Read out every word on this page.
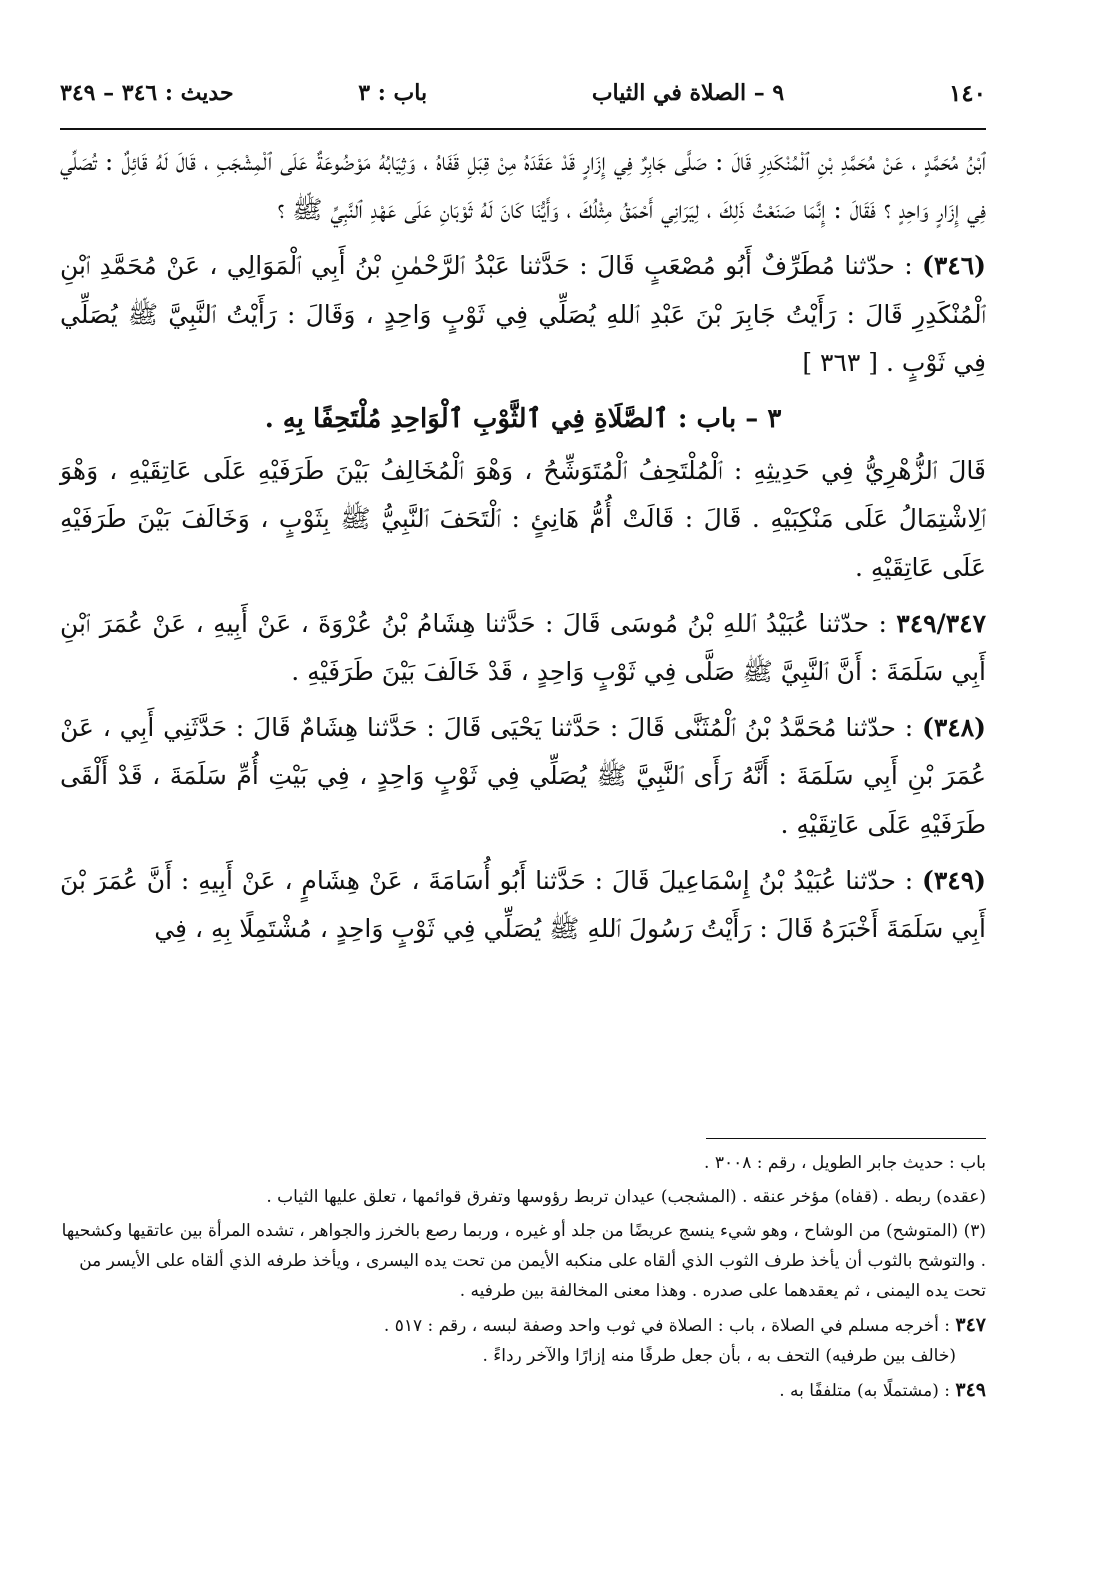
١٤٠
٩ – الصلاة في الثياب
باب : ٣
حديث : ٣٤٦ – ٣٤٩

ٱبْنُ مُحَمَّدٍ ، عَنْ مُحَمَّدِ بْنِ ٱلْمُنْكَدِرِ قَالَ : صَلَّى جَابِرٌ فِي إِزَارٍ قَدْ عَقَدَهُ مِنْ قِبَلِ قَفَاهُ ، وَثِيَابُهُ مَوْضُوعَةٌ عَلَى ٱلْمِشْجَبِ ، قَالَ لَهُ قَائِلٌ : تُصَلِّي فِي إِزَارٍ وَاحِدٍ ؟ فَقَالَ : إِنَّمَا صَنَعْتُ ذَلِكَ ، لِيَرَانِي أَحْمَقُ مِثْلُكَ ، وَأَيُّنَا كَانَ لَهُ ثَوْبَانِ عَلَى عَهْدِ ٱلنَّبِيِّ ﷺ ؟

(٣٤٦) : حدّثنا مُطَرِّفٌ أَبُو مُصْعَبٍ قَالَ : حَدَّثنا عَبْدُ ٱلرَّحْمٰنِ بْنُ أَبِي ٱلْمَوَالِي ، عَنْ مُحَمَّدِ ٱبْنِ ٱلْمُنْكَدِرِ قَالَ : رَأَيْتُ جَابِرَ بْنَ عَبْدِ ٱللهِ يُصَلِّي فِي ثَوْبٍ وَاحِدٍ ، وَقَالَ : رَأَيْتُ ٱلنَّبِيَّ ﷺ يُصَلِّي فِي ثَوْبٍ . [ ٣٦٣ ]

٣ – باب : ٱلصَّلَاةِ فِي ٱلثَّوْبِ ٱلْوَاحِدِ مُلْتَحِفًا بِهِ .

قَالَ ٱلزُّهْرِيُّ فِي حَدِيثِهِ : ٱلْمُلْتَحِفُ ٱلْمُتَوَشِّحُ ، وَهْوَ ٱلْمُخَالِفُ بَيْنَ طَرَفَيْهِ عَلَى عَاتِقَيْهِ ، وَهْوَ ٱلِاشْتِمَالُ عَلَى مَنْكِبَيْهِ . قَالَ : قَالَتْ أُمُّ هَانِئٍ : ٱلْتَحَفَ ٱلنَّبِيُّ ﷺ بِثَوْبٍ ، وَخَالَفَ بَيْنَ طَرَفَيْهِ عَلَى عَاتِقَيْهِ .

٣٤٩/٣٤٧ : حدّثنا عُبَيْدُ ٱللهِ بْنُ مُوسَى قَالَ : حَدَّثنا هِشَامُ بْنُ عُرْوَةَ ، عَنْ أَبِيهِ ، عَنْ عُمَرَ ٱبْنِ أَبِي سَلَمَةَ : أَنَّ ٱلنَّبِيَّ ﷺ صَلَّى فِي ثَوْبٍ وَاحِدٍ ، قَدْ خَالَفَ بَيْنَ طَرَفَيْهِ .

(٣٤٨) : حدّثنا مُحَمَّدُ بْنُ ٱلْمُثَنَّى قَالَ : حَدَّثنا يَحْيَى قَالَ : حَدَّثنا هِشَامٌ قَالَ : حَدَّثَنِي أَبِي ، عَنْ عُمَرَ بْنِ أَبِي سَلَمَةَ : أَنَّهُ رَأَى ٱلنَّبِيَّ ﷺ يُصَلِّي فِي ثَوْبٍ وَاحِدٍ ، فِي بَيْتِ أُمِّ سَلَمَةَ ، قَدْ أَلْقَى طَرَفَيْهِ عَلَى عَاتِقَيْهِ .

(٣٤٩) : حدّثنا عُبَيْدُ بْنُ إِسْمَاعِيلَ قَالَ : حَدَّثنا أَبُو أُسَامَةَ ، عَنْ هِشَامٍ ، عَنْ أَبِيهِ : أَنَّ عُمَرَ بْنَ أَبِي سَلَمَةَ أَخْبَرَهُ قَالَ : رَأَيْتُ رَسُولَ ٱللهِ ﷺ يُصَلِّي فِي ثَوْبٍ وَاحِدٍ ، مُشْتَمِلًا بِهِ ، فِي

باب : حديث جابر الطويل ، رقم : ٣٠٠٨ .

(عقده) ربطه . (قفاه) مؤخر عنقه . (المشجب) عيدان تربط رؤوسها وتفرق قوائمها ، تعلق عليها الثياب .

(٣) (المتوشح) من الوشاح ، وهو شيء ينسج عريضًا من جلد أو غيره ، وربما رصع بالخرز والجواهر ، تشده المرأة بين عاتقيها وكشحيها . والتوشح بالثوب أن يأخذ طرف الثوب الذي ألقاه على منكبه الأيمن من تحت يده اليسرى ، ويأخذ طرفه الذي ألقاه على الأيسر من تحت يده اليمنى ، ثم يعقدهما على صدره . وهذا معنى المخالفة بين طرفيه .

٣٤٧ : أخرجه مسلم في الصلاة ، باب : الصلاة في ثوب واحد وصفة لبسه ، رقم : ٥١٧ .

(خالف بين طرفيه) التحف به ، بأن جعل طرفًا منه إزارًا والآخر رداءً .

٣٤٩ : (مشتملًا به) متلففًا به .
